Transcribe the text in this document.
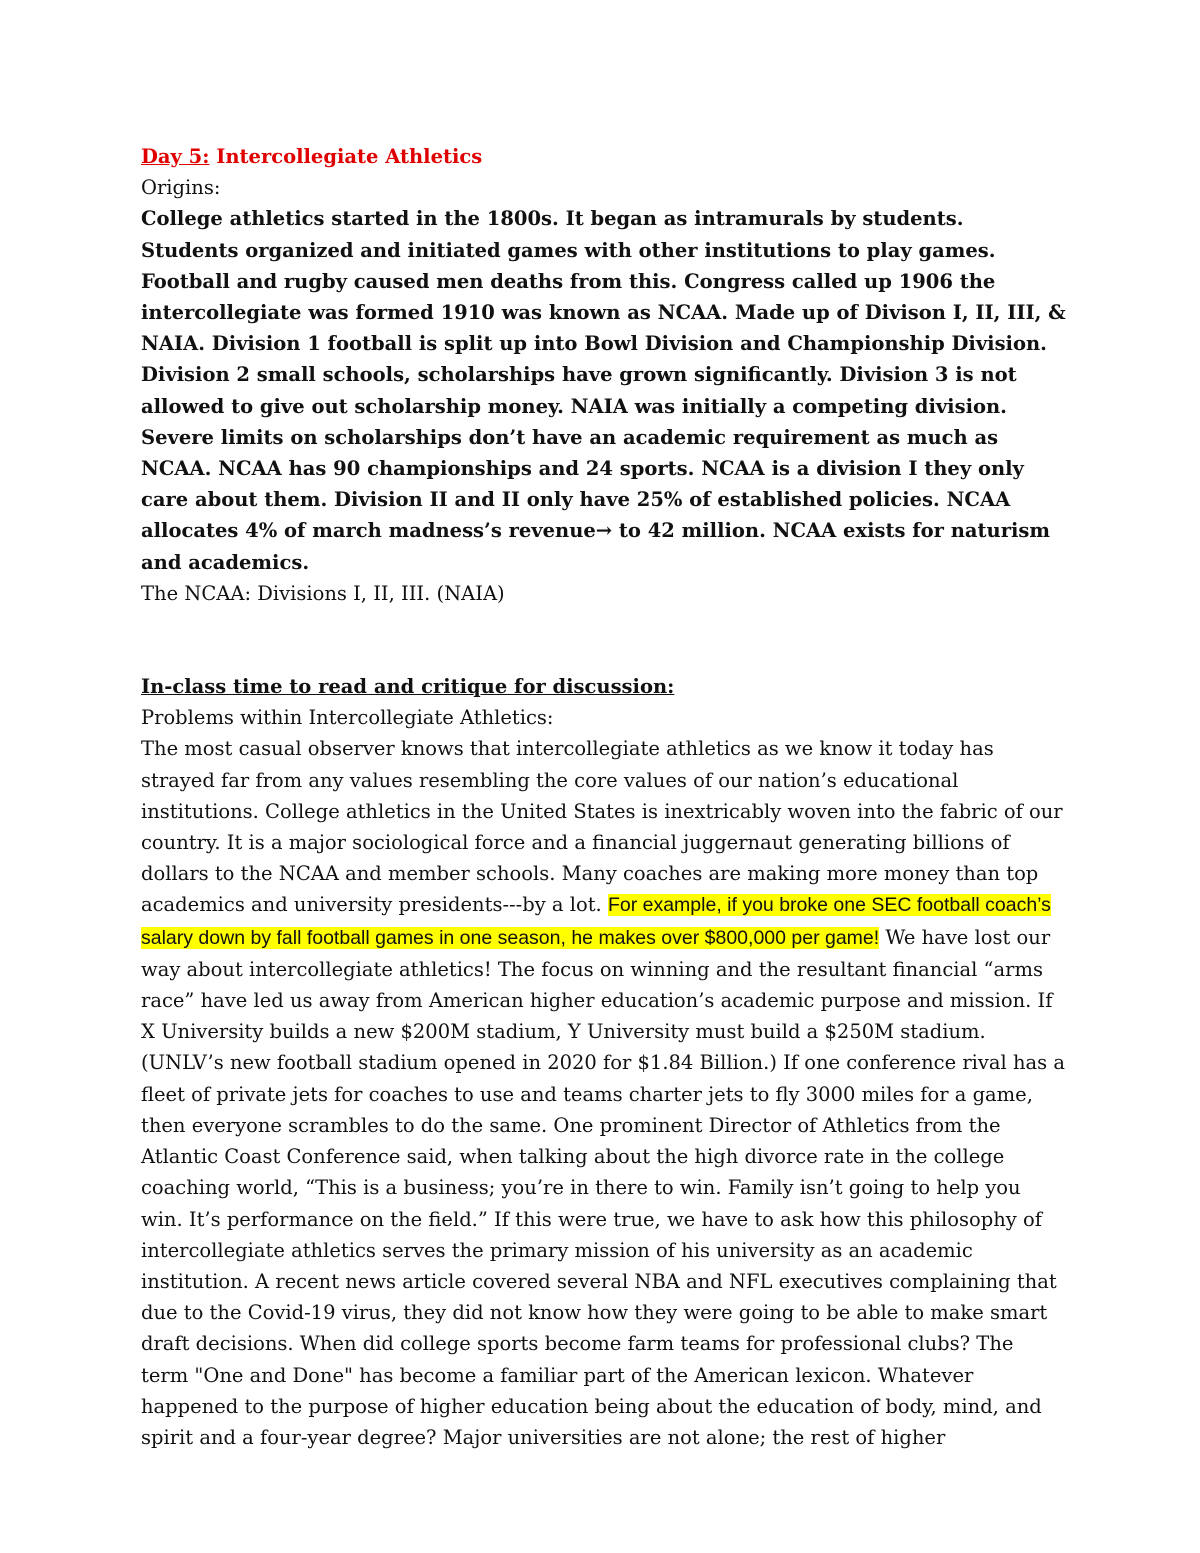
Day 5: Intercollegiate Athletics
Origins:
College athletics started in the 1800s. It began as intramurals by students. Students organized and initiated games with other institutions to play games. Football and rugby caused men deaths from this. Congress called up 1906 the intercollegiate was formed 1910 was known as NCAA. Made up of Divison I, II, III, & NAIA. Division 1 football is split up into Bowl Division and Championship Division. Division 2 small schools, scholarships have grown significantly. Division 3 is not allowed to give out scholarship money. NAIA was initially a competing division. Severe limits on scholarships don’t have an academic requirement as much as NCAA. NCAA has 90 championships and 24 sports. NCAA is a division I they only care about them. Division II and II only have 25% of established policies. NCAA allocates 4% of march madness’s revenue→ to 42 million. NCAA exists for naturism and academics.
The NCAA: Divisions I, II, III. (NAIA)
In-class time to read and critique for discussion:
Problems within Intercollegiate Athletics:
The most casual observer knows that intercollegiate athletics as we know it today has strayed far from any values resembling the core values of our nation’s educational institutions. College athletics in the United States is inextricably woven into the fabric of our country. It is a major sociological force and a financial juggernaut generating billions of dollars to the NCAA and member schools. Many coaches are making more money than top academics and university presidents---by a lot. For example, if you broke one SEC football coach’s salary down by fall football games in one season, he makes over $800,000 per game! We have lost our way about intercollegiate athletics! The focus on winning and the resultant financial “arms race” have led us away from American higher education’s academic purpose and mission. If X University builds a new $200M stadium, Y University must build a $250M stadium. (UNLV’s new football stadium opened in 2020 for $1.84 Billion.) If one conference rival has a fleet of private jets for coaches to use and teams charter jets to fly 3000 miles for a game, then everyone scrambles to do the same. One prominent Director of Athletics from the Atlantic Coast Conference said, when talking about the high divorce rate in the college coaching world, “This is a business; you’re in there to win. Family isn’t going to help you win. It’s performance on the field.” If this were true, we have to ask how this philosophy of intercollegiate athletics serves the primary mission of his university as an academic institution. A recent news article covered several NBA and NFL executives complaining that due to the Covid-19 virus, they did not know how they were going to be able to make smart draft decisions. When did college sports become farm teams for professional clubs? The term "One and Done" has become a familiar part of the American lexicon. Whatever happened to the purpose of higher education being about the education of body, mind, and spirit and a four-year degree? Major universities are not alone; the rest of higher
